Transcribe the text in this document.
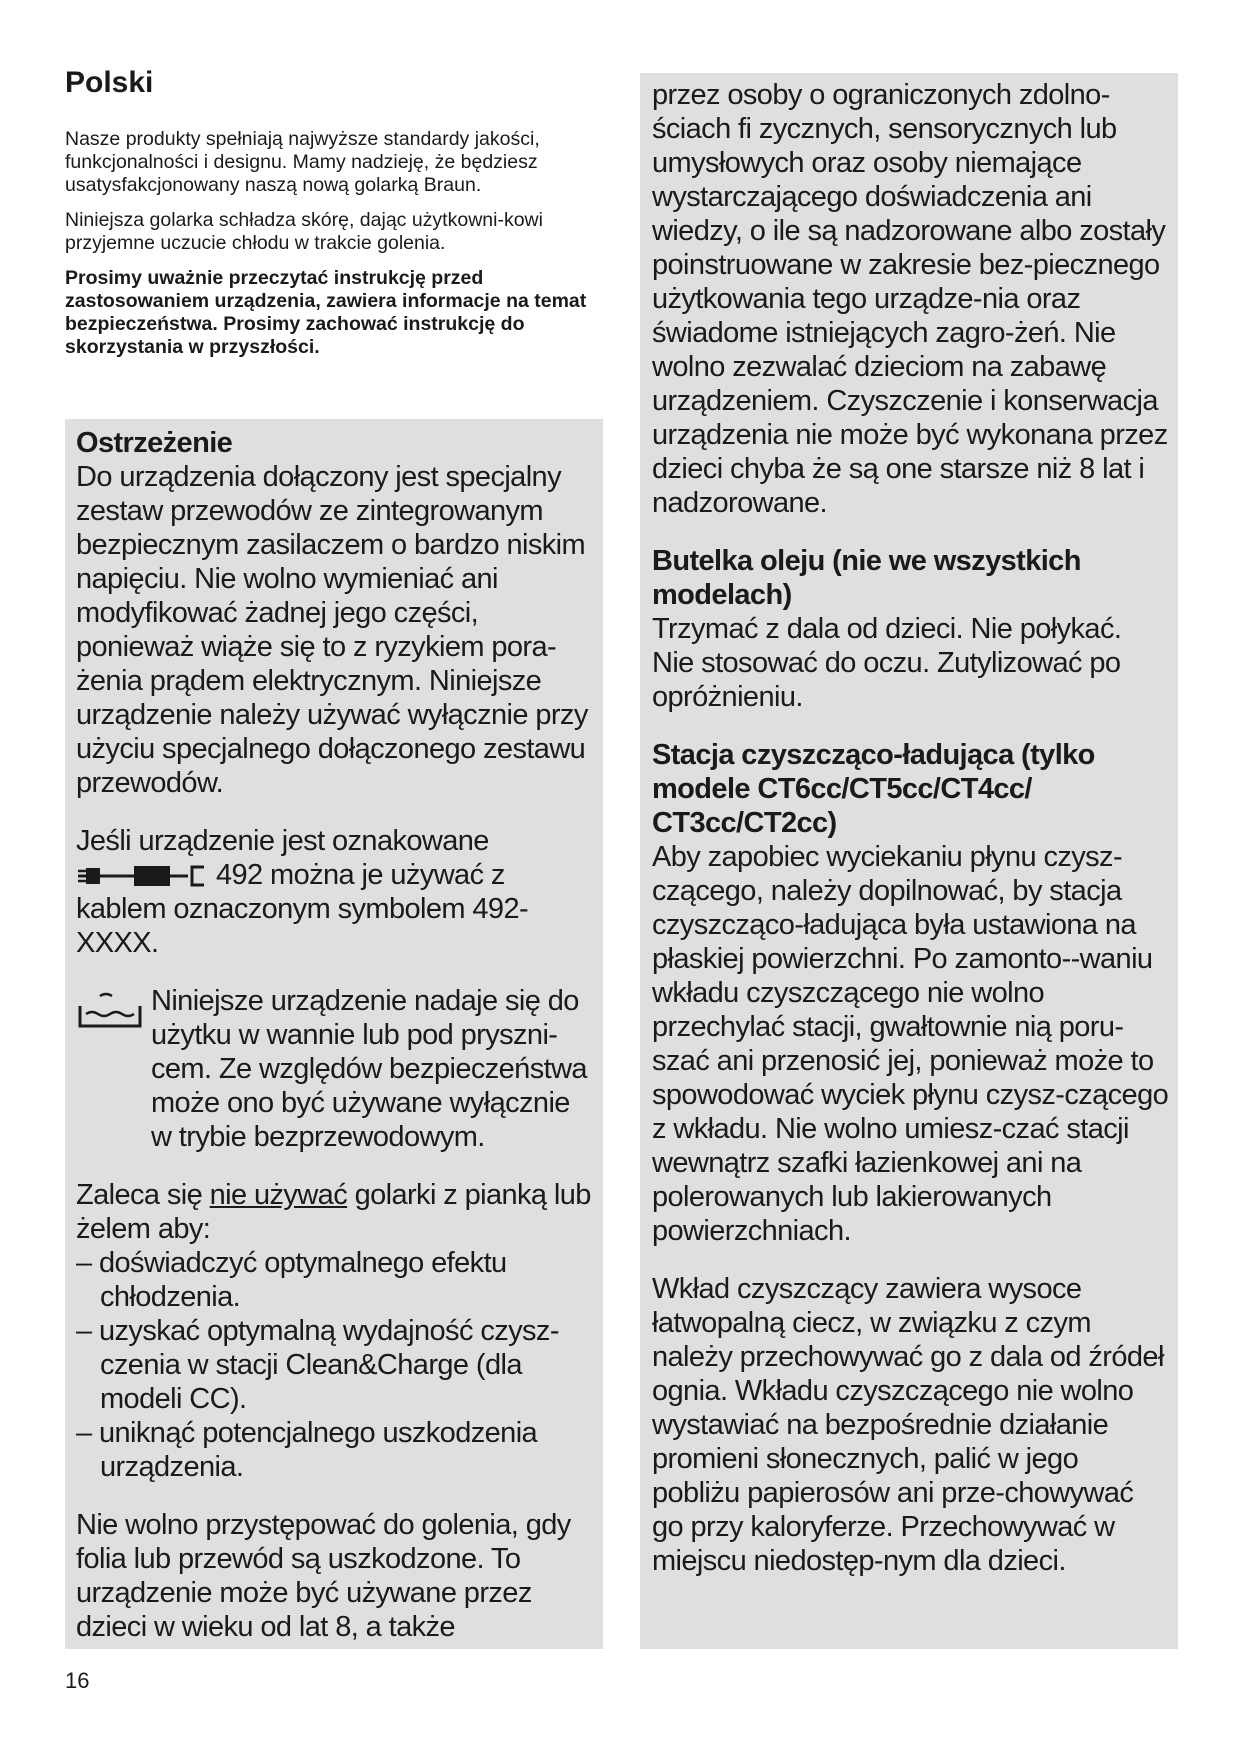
Polski

Nasze produkty spełniają najwyższe standardy jakości, funkcjonalności i designu. Mamy nadzieję, że będziesz usatysfakcjonowany naszą nową golarką Braun.

Niniejsza golarka schładza skórę, dając użytkowni-kowi przyjemne uczucie chłodu w trakcie golenia.

Prosimy uważnie przeczytać instrukcję przed zastosowaniem urządzenia, zawiera informacje na temat bezpieczeństwa. Prosimy zachować instrukcję do skorzystania w przyszłości.

Ostrzeżenie

Do urządzenia dołączony jest specjalny zestaw przewodów ze zintegrowanym bezpiecznym zasilaczem o bardzo niskim napięciu. Nie wolno wymieniać ani modyfikować żadnej jego części, ponieważ wiąże się to z ryzykiem pora-żenia prądem elektrycznym. Niniejsze urządzenie należy używać wyłącznie przy użyciu specjalnego dołączonego zestawu przewodów.

Jeśli urządzenie jest oznakowane
492 można je używać z
kablem oznaczonym symbolem 492-XXXX.

Niniejsze urządzenie nadaje się do użytku w wannie lub pod pryszni-cem. Ze względów bezpieczeństwa może ono być używane wyłącznie w trybie bezprzewodowym.

Zaleca się nie używać golarki z pianką lub żelem aby:

– doświadczyć optymalnego efektu chłodzenia.
– uzyskać optymalną wydajność czysz-czenia w stacji Clean&Charge (dla modeli CC).
– uniknąć potencjalnego uszkodzenia urządzenia.

Nie wolno przystępować do golenia, gdy folia lub przewód są uszkodzone. To urządzenie może być używane przez dzieci w wieku od lat 8, a także

przez osoby o ograniczonych zdolno-ściach fi zycznych, sensorycznych lub umysłowych oraz osoby niemające wystarczającego doświadczenia ani wiedzy, o ile są nadzorowane albo zostały poinstruowane w zakresie bez-piecznego użytkowania tego urządze-nia oraz świadome istniejących zagro-żeń. Nie wolno zezwalać dzieciom na zabawę urządzeniem. Czyszczenie i konserwacja urządzenia nie może być wykonana przez dzieci chyba że są one starsze niż 8 lat i nadzorowane.

Butelka oleju (nie we wszystkich modelach)

Trzymać z dala od dzieci. Nie połykać. Nie stosować do oczu. Zutylizować po opróżnieniu.

Stacja czyszcząco-ładująca (tylko modele CT6cc/CT5cc/CT4cc/ CT3cc/CT2cc)

Aby zapobiec wyciekaniu płynu czysz-czącego, należy dopilnować, by stacja czyszcząco-ładująca była ustawiona na płaskiej powierzchni. Po zamonto--waniu wkładu czyszczącego nie wolno przechylać stacji, gwałtownie nią poru-szać ani przenosić jej, ponieważ może to spowodować wyciek płynu czysz-czącego z wkładu. Nie wolno umiesz-czać stacji wewnątrz szafki łazienkowej ani na polerowanych lub lakierowanych powierzchniach.

Wkład czyszczący zawiera wysoce łatwopalną ciecz, w związku z czym należy przechowywać go z dala od źródeł ognia. Wkładu czyszczącego nie wolno wystawiać na bezpośrednie działanie promieni słonecznych, palić w jego pobliżu papierosów ani prze-chowywać go przy kaloryferze. Przechowywać w miejscu niedostęp-nym dla dzieci.

16
